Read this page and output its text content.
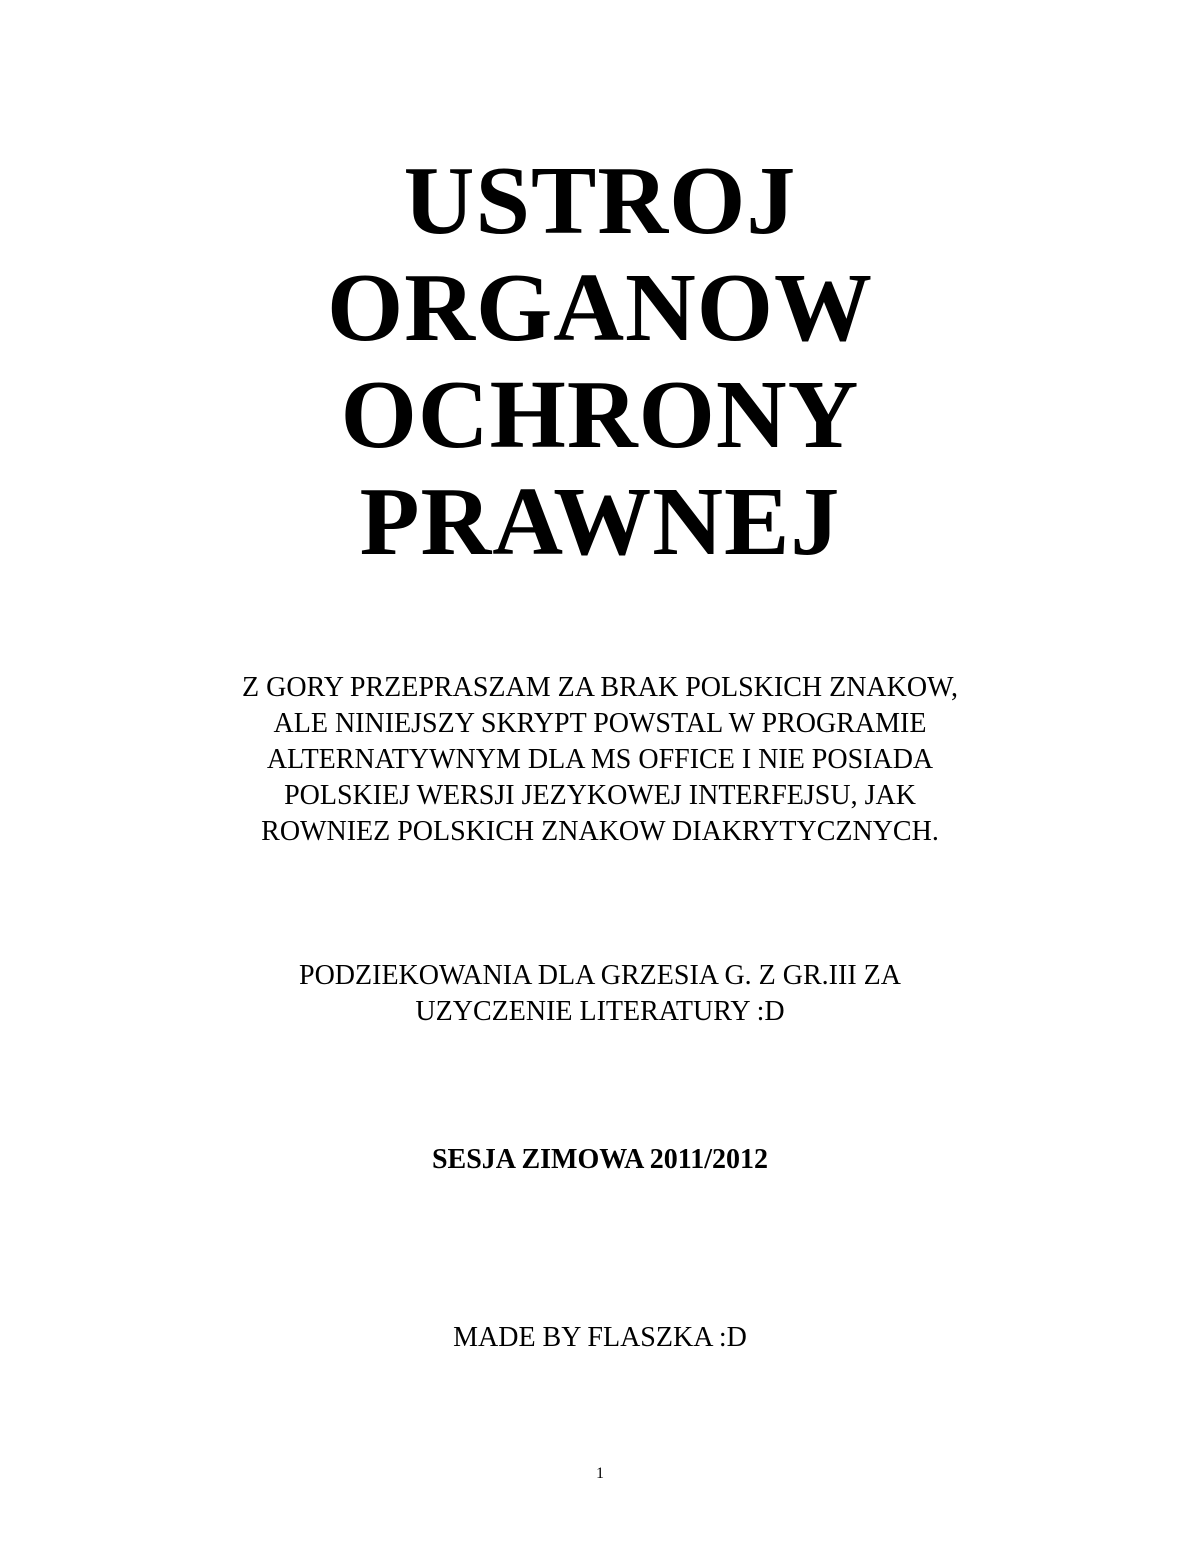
USTROJ
ORGANOW
OCHRONY
PRAWNEJ
Z GORY PRZEPRASZAM ZA BRAK POLSKICH ZNAKOW,
ALE NINIEJSZY SKRYPT POWSTAL W PROGRAMIE
ALTERNATYWNYM DLA MS OFFICE I NIE POSIADA
POLSKIEJ WERSJI JEZYKOWEJ INTERFEJSU, JAK
ROWNIEZ POLSKICH ZNAKOW DIAKRYTYCZNYCH.
PODZIEKOWANIA DLA GRZESIA G. Z GR.III ZA
UZYCZENIE LITERATURY :D
SESJA ZIMOWA 2011/2012
MADE BY FLASZKA :D
1
